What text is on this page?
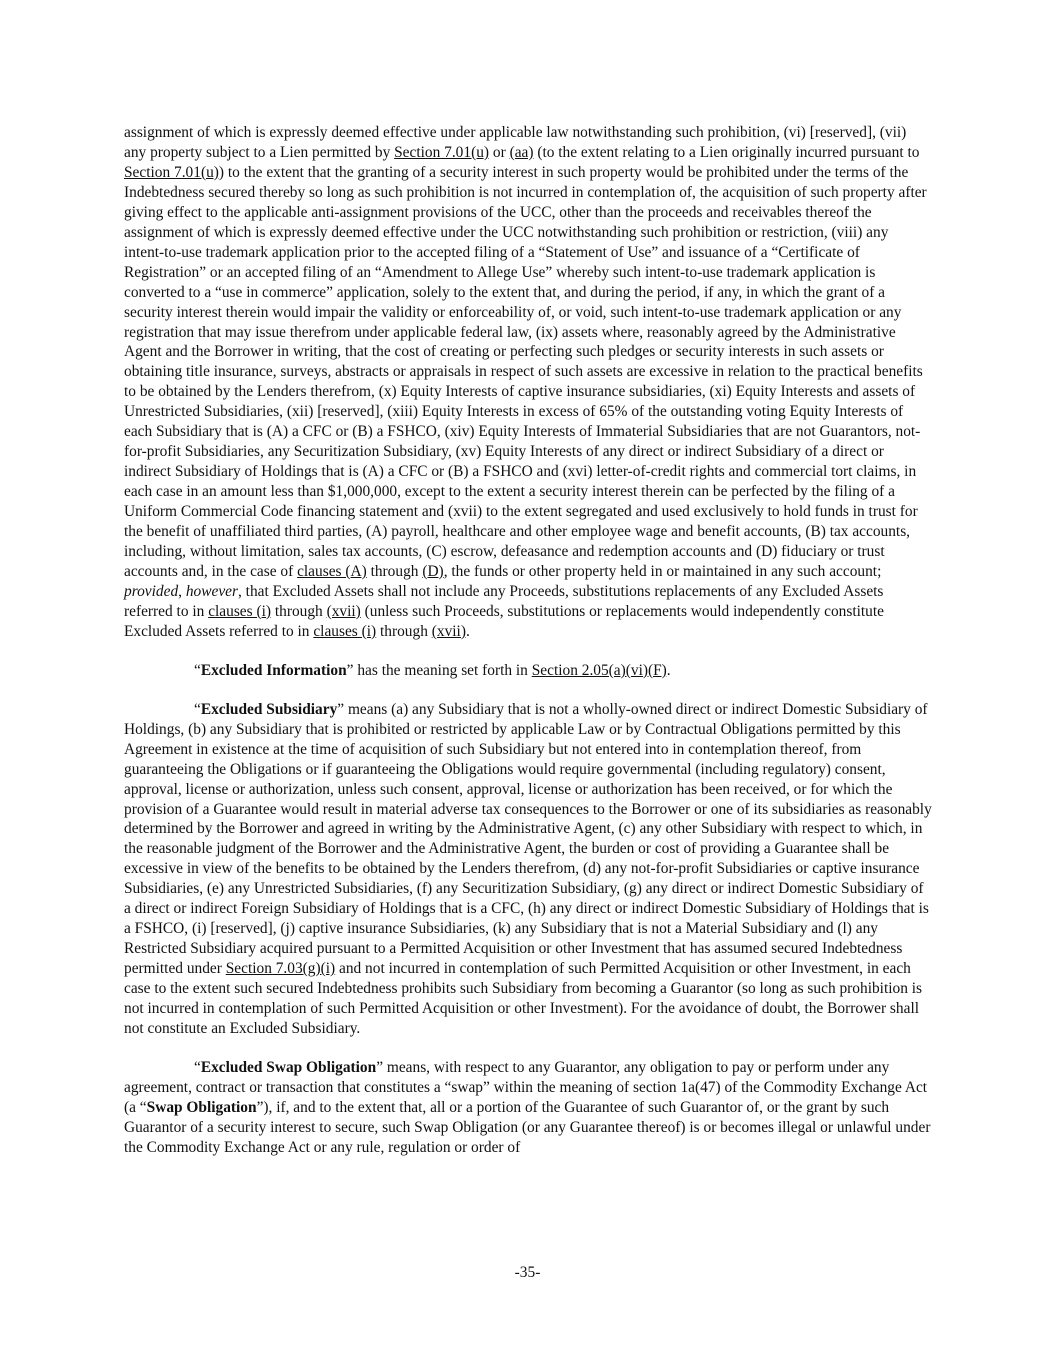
assignment of which is expressly deemed effective under applicable law notwithstanding such prohibition, (vi) [reserved], (vii) any property subject to a Lien permitted by Section 7.01(u) or (aa) (to the extent relating to a Lien originally incurred pursuant to Section 7.01(u)) to the extent that the granting of a security interest in such property would be prohibited under the terms of the Indebtedness secured thereby so long as such prohibition is not incurred in contemplation of, the acquisition of such property after giving effect to the applicable anti-assignment provisions of the UCC, other than the proceeds and receivables thereof the assignment of which is expressly deemed effective under the UCC notwithstanding such prohibition or restriction, (viii) any intent-to-use trademark application prior to the accepted filing of a “Statement of Use” and issuance of a “Certificate of Registration” or an accepted filing of an “Amendment to Allege Use” whereby such intent-to-use trademark application is converted to a “use in commerce” application, solely to the extent that, and during the period, if any, in which the grant of a security interest therein would impair the validity or enforceability of, or void, such intent-to-use trademark application or any registration that may issue therefrom under applicable federal law, (ix) assets where, reasonably agreed by the Administrative Agent and the Borrower in writing, that the cost of creating or perfecting such pledges or security interests in such assets or obtaining title insurance, surveys, abstracts or appraisals in respect of such assets are excessive in relation to the practical benefits to be obtained by the Lenders therefrom, (x) Equity Interests of captive insurance subsidiaries, (xi) Equity Interests and assets of Unrestricted Subsidiaries, (xii) [reserved], (xiii) Equity Interests in excess of 65% of the outstanding voting Equity Interests of each Subsidiary that is (A) a CFC or (B) a FSHCO, (xiv) Equity Interests of Immaterial Subsidiaries that are not Guarantors, not-for-profit Subsidiaries, any Securitization Subsidiary, (xv) Equity Interests of any direct or indirect Subsidiary of a direct or indirect Subsidiary of Holdings that is (A) a CFC or (B) a FSHCO and (xvi) letter-of-credit rights and commercial tort claims, in each case in an amount less than $1,000,000, except to the extent a security interest therein can be perfected by the filing of a Uniform Commercial Code financing statement and (xvii) to the extent segregated and used exclusively to hold funds in trust for the benefit of unaffiliated third parties, (A) payroll, healthcare and other employee wage and benefit accounts, (B) tax accounts, including, without limitation, sales tax accounts, (C) escrow, defeasance and redemption accounts and (D) fiduciary or trust accounts and, in the case of clauses (A) through (D), the funds or other property held in or maintained in any such account; provided, however, that Excluded Assets shall not include any Proceeds, substitutions replacements of any Excluded Assets referred to in clauses (i) through (xvii) (unless such Proceeds, substitutions or replacements would independently constitute Excluded Assets referred to in clauses (i) through (xvii).

“Excluded Information” has the meaning set forth in Section 2.05(a)(vi)(F).

“Excluded Subsidiary” means (a) any Subsidiary that is not a wholly-owned direct or indirect Domestic Subsidiary of Holdings, (b) any Subsidiary that is prohibited or restricted by applicable Law or by Contractual Obligations permitted by this Agreement in existence at the time of acquisition of such Subsidiary but not entered into in contemplation thereof, from guaranteeing the Obligations or if guaranteeing the Obligations would require governmental (including regulatory) consent, approval, license or authorization, unless such consent, approval, license or authorization has been received, or for which the provision of a Guarantee would result in material adverse tax consequences to the Borrower or one of its subsidiaries as reasonably determined by the Borrower and agreed in writing by the Administrative Agent, (c) any other Subsidiary with respect to which, in the reasonable judgment of the Borrower and the Administrative Agent, the burden or cost of providing a Guarantee shall be excessive in view of the benefits to be obtained by the Lenders therefrom, (d) any not-for-profit Subsidiaries or captive insurance Subsidiaries, (e) any Unrestricted Subsidiaries, (f) any Securitization Subsidiary, (g) any direct or indirect Domestic Subsidiary of a direct or indirect Foreign Subsidiary of Holdings that is a CFC, (h) any direct or indirect Domestic Subsidiary of Holdings that is a FSHCO, (i) [reserved], (j) captive insurance Subsidiaries, (k) any Subsidiary that is not a Material Subsidiary and (l) any Restricted Subsidiary acquired pursuant to a Permitted Acquisition or other Investment that has assumed secured Indebtedness permitted under Section 7.03(g)(i) and not incurred in contemplation of such Permitted Acquisition or other Investment, in each case to the extent such secured Indebtedness prohibits such Subsidiary from becoming a Guarantor (so long as such prohibition is not incurred in contemplation of such Permitted Acquisition or other Investment). For the avoidance of doubt, the Borrower shall not constitute an Excluded Subsidiary.

“Excluded Swap Obligation” means, with respect to any Guarantor, any obligation to pay or perform under any agreement, contract or transaction that constitutes a “swap” within the meaning of section 1a(47) of the Commodity Exchange Act (a “Swap Obligation”), if, and to the extent that, all or a portion of the Guarantee of such Guarantor of, or the grant by such Guarantor of a security interest to secure, such Swap Obligation (or any Guarantee thereof) is or becomes illegal or unlawful under the Commodity Exchange Act or any rule, regulation or order of

-35-
